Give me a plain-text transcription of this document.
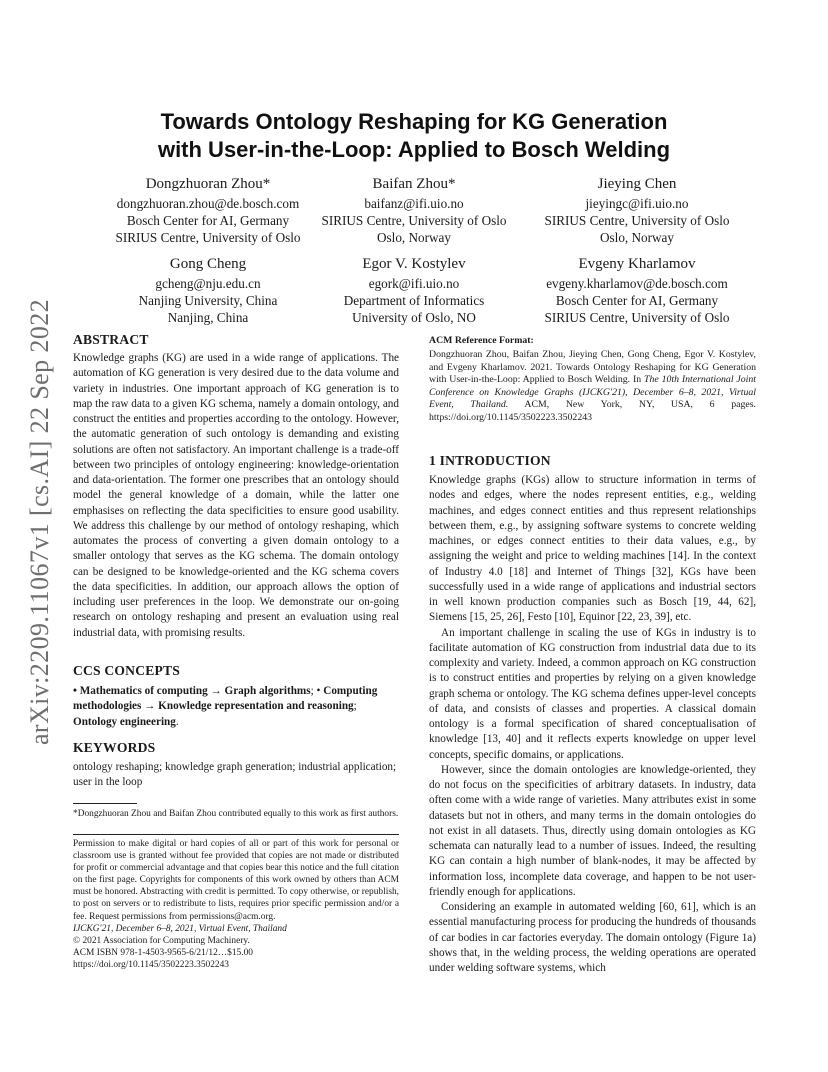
arXiv:2209.11067v1 [cs.AI] 22 Sep 2022
Towards Ontology Reshaping for KG Generation
with User-in-the-Loop: Applied to Bosch Welding
Dongzhuoran Zhou*
dongzhuoran.zhou@de.bosch.com
Bosch Center for AI, Germany
SIRIUS Centre, University of Oslo
Baifan Zhou*
baifanz@ifi.uio.no
SIRIUS Centre, University of Oslo
Oslo, Norway
Jieying Chen
jieyingc@ifi.uio.no
SIRIUS Centre, University of Oslo
Oslo, Norway
Gong Cheng
gcheng@nju.edu.cn
Nanjing University, China
Nanjing, China
Egor V. Kostylev
egork@ifi.uio.no
Department of Informatics
University of Oslo, NO
Evgeny Kharlamov
evgeny.kharlamov@de.bosch.com
Bosch Center for AI, Germany
SIRIUS Centre, University of Oslo
ABSTRACT

Knowledge graphs (KG) are used in a wide range of applications. The automation of KG generation is very desired due to the data volume and variety in industries. One important approach of KG generation is to map the raw data to a given KG schema, namely a domain ontology, and construct the entities and properties according to the ontology. However, the automatic generation of such ontology is demanding and existing solutions are often not satisfactory. An important challenge is a trade-off between two principles of ontology engineering: knowledge-orientation and data-orientation. The former one prescribes that an ontology should model the general knowledge of a domain, while the latter one emphasises on reflecting the data specificities to ensure good usability. We address this challenge by our method of ontology reshaping, which automates the process of converting a given domain ontology to a smaller ontology that serves as the KG schema. The domain ontology can be designed to be knowledge-oriented and the KG schema covers the data specificities. In addition, our approach allows the option of including user preferences in the loop. We demonstrate our on-going research on ontology reshaping and present an evaluation using real industrial data, with promising results.

CCS CONCEPTS

• Mathematics of computing → Graph algorithms; • Computing methodologies → Knowledge representation and reasoning; Ontology engineering.

KEYWORDS

ontology reshaping; knowledge graph generation; industrial application; user in the loop

*Dongzhuoran Zhou and Baifan Zhou contributed equally to this work as first authors.

Permission to make digital or hard copies of all or part of this work for personal or classroom use is granted without fee provided that copies are not made or distributed for profit or commercial advantage and that copies bear this notice and the full citation on the first page. Copyrights for components of this work owned by others than ACM must be honored. Abstracting with credit is permitted. To copy otherwise, or republish, to post on servers or to redistribute to lists, requires prior specific permission and/or a fee. Request permissions from permissions@acm.org.

IJCKG'21, December 6–8, 2021, Virtual Event, Thailand

© 2021 Association for Computing Machinery.

ACM ISBN 978-1-4503-9565-6/21/12…$15.00

https://doi.org/10.1145/3502223.3502243

ACM Reference Format:

Dongzhuoran Zhou, Baifan Zhou, Jieying Chen, Gong Cheng, Egor V. Kostylev, and Evgeny Kharlamov. 2021. Towards Ontology Reshaping for KG Generation with User-in-the-Loop: Applied to Bosch Welding. In The 10th International Joint Conference on Knowledge Graphs (IJCKG'21), December 6–8, 2021, Virtual Event, Thailand. ACM, New York, NY, USA, 6 pages. https://doi.org/10.1145/3502223.3502243

1 INTRODUCTION

Knowledge graphs (KGs) allow to structure information in terms of nodes and edges, where the nodes represent entities, e.g., welding machines, and edges connect entities and thus represent relationships between them, e.g., by assigning software systems to concrete welding machines, or edges connect entities to their data values, e.g., by assigning the weight and price to welding machines [14]. In the context of Industry 4.0 [18] and Internet of Things [32], KGs have been successfully used in a wide range of applications and industrial sectors in well known production companies such as Bosch [19, 44, 62], Siemens [15, 25, 26], Festo [10], Equinor [22, 23, 39], etc.

An important challenge in scaling the use of KGs in industry is to facilitate automation of KG construction from industrial data due to its complexity and variety. Indeed, a common approach on KG construction is to construct entities and properties by relying on a given knowledge graph schema or ontology. The KG schema defines upper-level concepts of data, and consists of classes and properties. A classical domain ontology is a formal specification of shared conceptualisation of knowledge [13, 40] and it reflects experts knowledge on upper level concepts, specific domains, or applications.

However, since the domain ontologies are knowledge-oriented, they do not focus on the specificities of arbitrary datasets. In industry, data often come with a wide range of varieties. Many attributes exist in some datasets but not in others, and many terms in the domain ontologies do not exist in all datasets. Thus, directly using domain ontologies as KG schemata can naturally lead to a number of issues. Indeed, the resulting KG can contain a high number of blank-nodes, it may be affected by information loss, incomplete data coverage, and happen to be not user-friendly enough for applications.

Considering an example in automated welding [60, 61], which is an essential manufacturing process for producing the hundreds of thousands of car bodies in car factories everyday. The domain ontology (Figure 1a) shows that, in the welding process, the welding operations are operated under welding software systems, which
